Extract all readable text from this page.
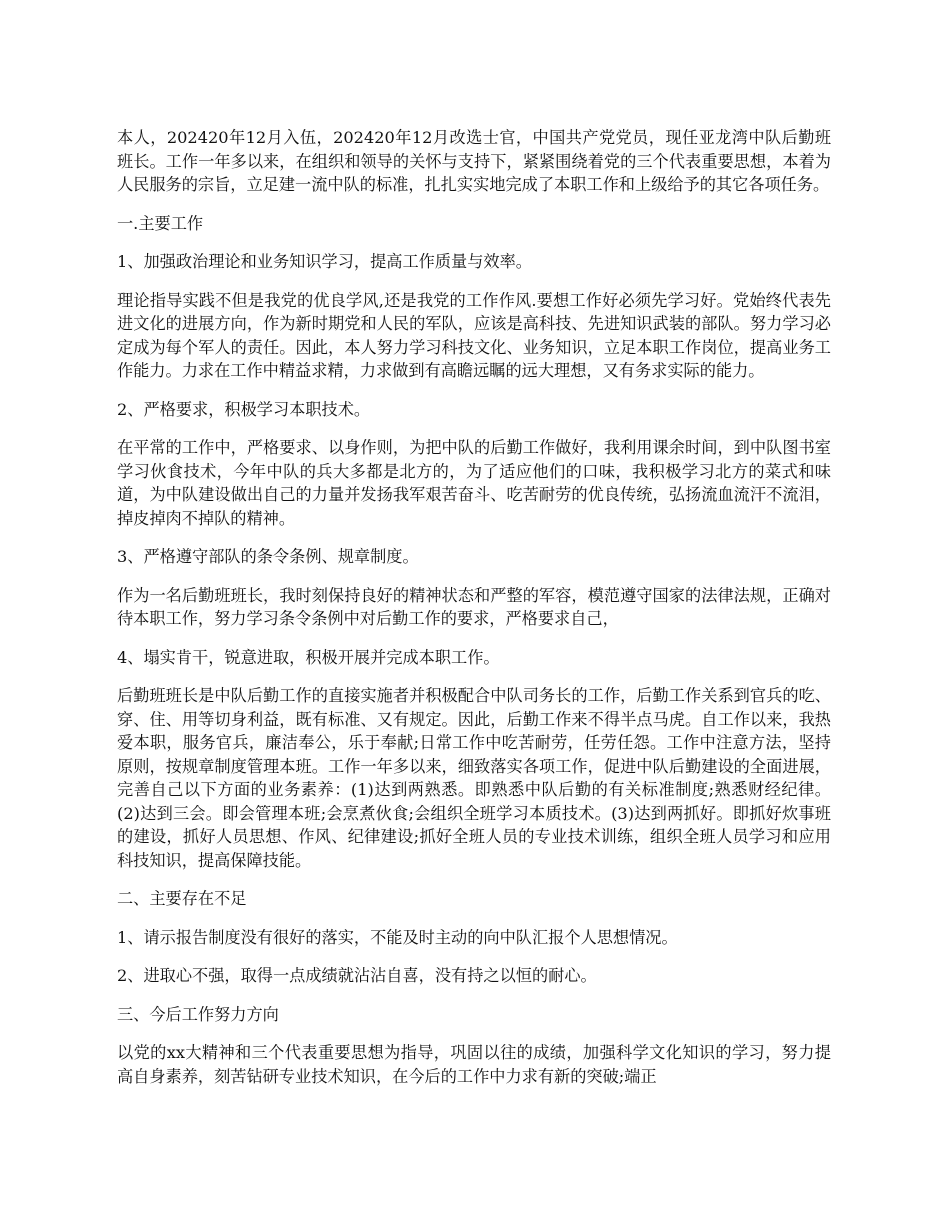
本人，202420年12月入伍，202420年12月改选士官，中国共产党党员，现任亚龙湾中队后勤班班长。工作一年多以来，在组织和领导的关怀与支持下，紧紧围绕着党的三个代表重要思想，本着为人民服务的宗旨，立足建一流中队的标准，扎扎实实地完成了本职工作和上级给予的其它各项任务。

一.主要工作

1、加强政治理论和业务知识学习，提高工作质量与效率。

理论指导实践不但是我党的优良学风,还是我党的工作作风.要想工作好必须先学习好。党始终代表先进文化的进展方向，作为新时期党和人民的军队，应该是高科技、先进知识武装的部队。努力学习必定成为每个军人的责任。因此，本人努力学习科技文化、业务知识，立足本职工作岗位，提高业务工作能力。力求在工作中精益求精，力求做到有高瞻远瞩的远大理想，又有务求实际的能力。

2、严格要求，积极学习本职技术。

在平常的工作中，严格要求、以身作则，为把中队的后勤工作做好，我利用课余时间，到中队图书室学习伙食技术，今年中队的兵大多都是北方的，为了适应他们的口味，我积极学习北方的菜式和味道，为中队建设做出自己的力量并发扬我军艰苦奋斗、吃苦耐劳的优良传统，弘扬流血流汗不流泪，掉皮掉肉不掉队的精神。

3、严格遵守部队的条令条例、规章制度。

作为一名后勤班班长，我时刻保持良好的精神状态和严整的军容，模范遵守国家的法律法规，正确对待本职工作，努力学习条令条例中对后勤工作的要求，严格要求自己，

4、塌实肯干，锐意进取，积极开展并完成本职工作。

后勤班班长是中队后勤工作的直接实施者并积极配合中队司务长的工作，后勤工作关系到官兵的吃、穿、住、用等切身利益，既有标准、又有规定。因此，后勤工作来不得半点马虎。自工作以来，我热爱本职，服务官兵，廉洁奉公，乐于奉献;日常工作中吃苦耐劳，任劳任怨。工作中注意方法，坚持原则，按规章制度管理本班。工作一年多以来，细致落实各项工作，促进中队后勤建设的全面进展，完善自己以下方面的业务素养：(1)达到两熟悉。即熟悉中队后勤的有关标准制度;熟悉财经纪律。(2)达到三会。即会管理本班;会烹煮伙食;会组织全班学习本质技术。(3)达到两抓好。即抓好炊事班的建设，抓好人员思想、作风、纪律建设;抓好全班人员的专业技术训练，组织全班人员学习和应用科技知识，提高保障技能。

二、主要存在不足

1、请示报告制度没有很好的落实，不能及时主动的向中队汇报个人思想情况。

2、进取心不强，取得一点成绩就沾沾自喜，没有持之以恒的耐心。

三、今后工作努力方向

以党的xx大精神和三个代表重要思想为指导，巩固以往的成绩，加强科学文化知识的学习，努力提高自身素养，刻苦钻研专业技术知识，在今后的工作中力求有新的突破;端正
